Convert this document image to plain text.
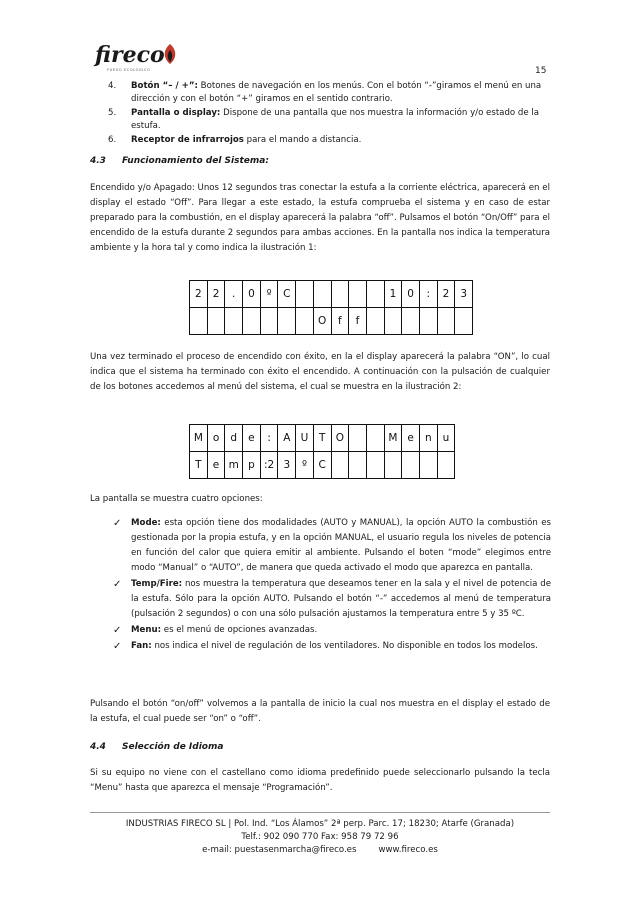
fireco
FUEGO ECOLÓGICO	15
4. Botón “– / +”: Botones de navegación en los menús. Con el botón “-”giramos el menú en una dirección y con el botón “+” giramos en el sentido contrario.
5. Pantalla o display: Dispone de una pantalla que nos muestra la información y/o estado de la estufa.
6. Receptor de infrarrojos para el mando a distancia.
4.3 Funcionamiento del Sistema:
Encendido y/o Apagado: Unos 12 segundos tras conectar la estufa a la corriente eléctrica, aparecerá en el display el estado “Off”. Para llegar a este estado, la estufa comprueba el sistema y en caso de estar preparado para la combustión, en el display aparecerá la palabra “off”. Pulsamos el botón “On/Off” para el encendido de la estufa durante 2 segundos para ambas acciones. En la pantalla nos indica la temperatura ambiente y la hora tal y como indica la ilustración 1:
2	2	.	0	º	C						1	0	:	2	3
							O	f	f						
Una vez terminado el proceso de encendido con éxito, en la el display aparecerá la palabra “ON”, lo cual indica que el sistema ha terminado con éxito el encendido. A continuación con la pulsación de cualquier de los botones accedemos al menú del sistema, el cual se muestra en la ilustración 2:
M	o	d	e	:	A	U	T	O			M	e	n	u
T	e	m	p	:2	3	º	C							
La pantalla se muestra cuatro opciones:
✓ Mode: esta opción tiene dos modalidades (AUTO y MANUAL), la opción AUTO la combustión es gestionada por la propia estufa, y en la opción MANUAL, el usuario regula los niveles de potencia en función del calor que quiera emitir al ambiente. Pulsando el boten “mode” elegimos entre modo “Manual” o “AUTO”, de manera que queda activado el modo que aparezca en pantalla.
✓ Temp/Fire: nos muestra la temperatura que deseamos tener en la sala y el nivel de potencia de la estufa. Sólo para la opción AUTO. Pulsando el botón “-” accedemos al menú de temperatura (pulsación 2 segundos) o con una sólo pulsación ajustamos la temperatura entre 5 y 35 ºC.
✓ Menu: es el menú de opciones avanzadas.
✓ Fan: nos indica el nivel de regulación de los ventiladores. No disponible en todos los modelos.
Pulsando el botón “on/off” volvemos a la pantalla de inicio la cual nos muestra en el display el estado de la estufa, el cual puede ser “on” o “off”.
4.4 Selección de Idioma
Si su equipo no viene con el castellano como idioma predefinido puede seleccionarlo pulsando la tecla “Menu” hasta que aparezca el mensaje “Programación”.
INDUSTRIAS FIRECO SL | Pol. Ind. “Los Álamos” 2ª perp. Parc. 17; 18230; Atarfe (Granada)
Telf.: 902 090 770 Fax: 958 79 72 96
e-mail: puestasenmarcha@fireco.es	www.fireco.es
